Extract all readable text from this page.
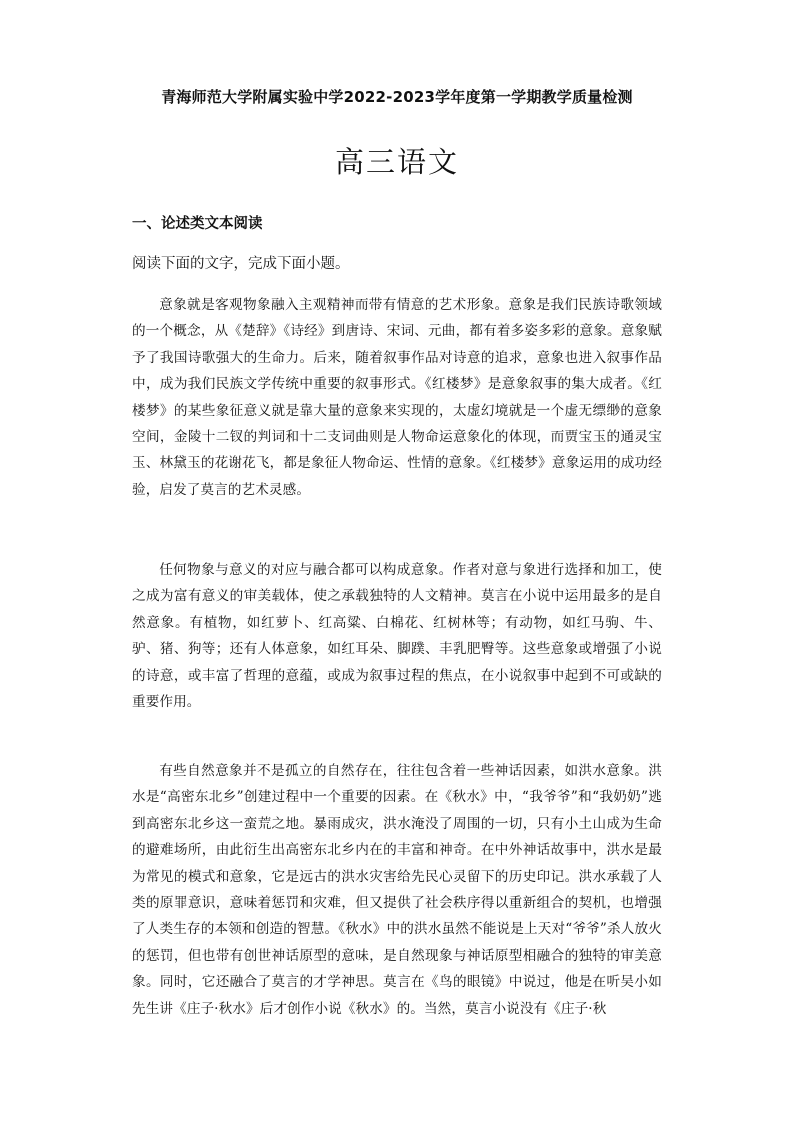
青海师范大学附属实验中学2022-2023学年度第一学期教学质量检测
高三语文
一、论述类文本阅读
阅读下面的文字，完成下面小题。
意象就是客观物象融入主观精神而带有情意的艺术形象。意象是我们民族诗歌领域的一个概念，从《楚辞》《诗经》到唐诗、宋词、元曲，都有着多姿多彩的意象。意象赋予了我国诗歌强大的生命力。后来，随着叙事作品对诗意的追求，意象也进入叙事作品中，成为我们民族文学传统中重要的叙事形式。《红楼梦》是意象叙事的集大成者。《红楼梦》的某些象征意义就是靠大量的意象来实现的，太虚幻境就是一个虚无缥缈的意象空间，金陵十二钗的判词和十二支词曲则是人物命运意象化的体现，而贾宝玉的通灵宝玉、林黛玉的花谢花飞，都是象征人物命运、性情的意象。《红楼梦》意象运用的成功经验，启发了莫言的艺术灵感。
任何物象与意义的对应与融合都可以构成意象。作者对意与象进行选择和加工，使之成为富有意义的审美载体，使之承载独特的人文精神。莫言在小说中运用最多的是自然意象。有植物，如红萝卜、红高粱、白棉花、红树林等；有动物，如红马驹、牛、驴、猪、狗等；还有人体意象，如红耳朵、脚蹼、丰乳肥臀等。这些意象或增强了小说的诗意，或丰富了哲理的意蕴，或成为叙事过程的焦点，在小说叙事中起到不可或缺的重要作用。
有些自然意象并不是孤立的自然存在，往往包含着一些神话因素，如洪水意象。洪水是“高密东北乡”创建过程中一个重要的因素。在《秋水》中，“我爷爷”和“我奶奶”逃到高密东北乡这一蛮荒之地。暴雨成灾，洪水淹没了周围的一切，只有小土山成为生命的避难场所，由此衍生出高密东北乡内在的丰富和神奇。在中外神话故事中，洪水是最为常见的模式和意象，它是远古的洪水灾害给先民心灵留下的历史印记。洪水承载了人类的原罪意识，意味着惩罚和灾难，但又提供了社会秩序得以重新组合的契机，也增强了人类生存的本领和创造的智慧。《秋水》中的洪水虽然不能说是上天对“爷爷”杀人放火的惩罚，但也带有创世神话原型的意味，是自然现象与神话原型相融合的独特的审美意象。同时，它还融合了莫言的才学神思。莫言在《鸟的眼镜》中说过，他是在听吴小如先生讲《庄子·秋水》后才创作小说《秋水》的。当然，莫言小说没有《庄子·秋
